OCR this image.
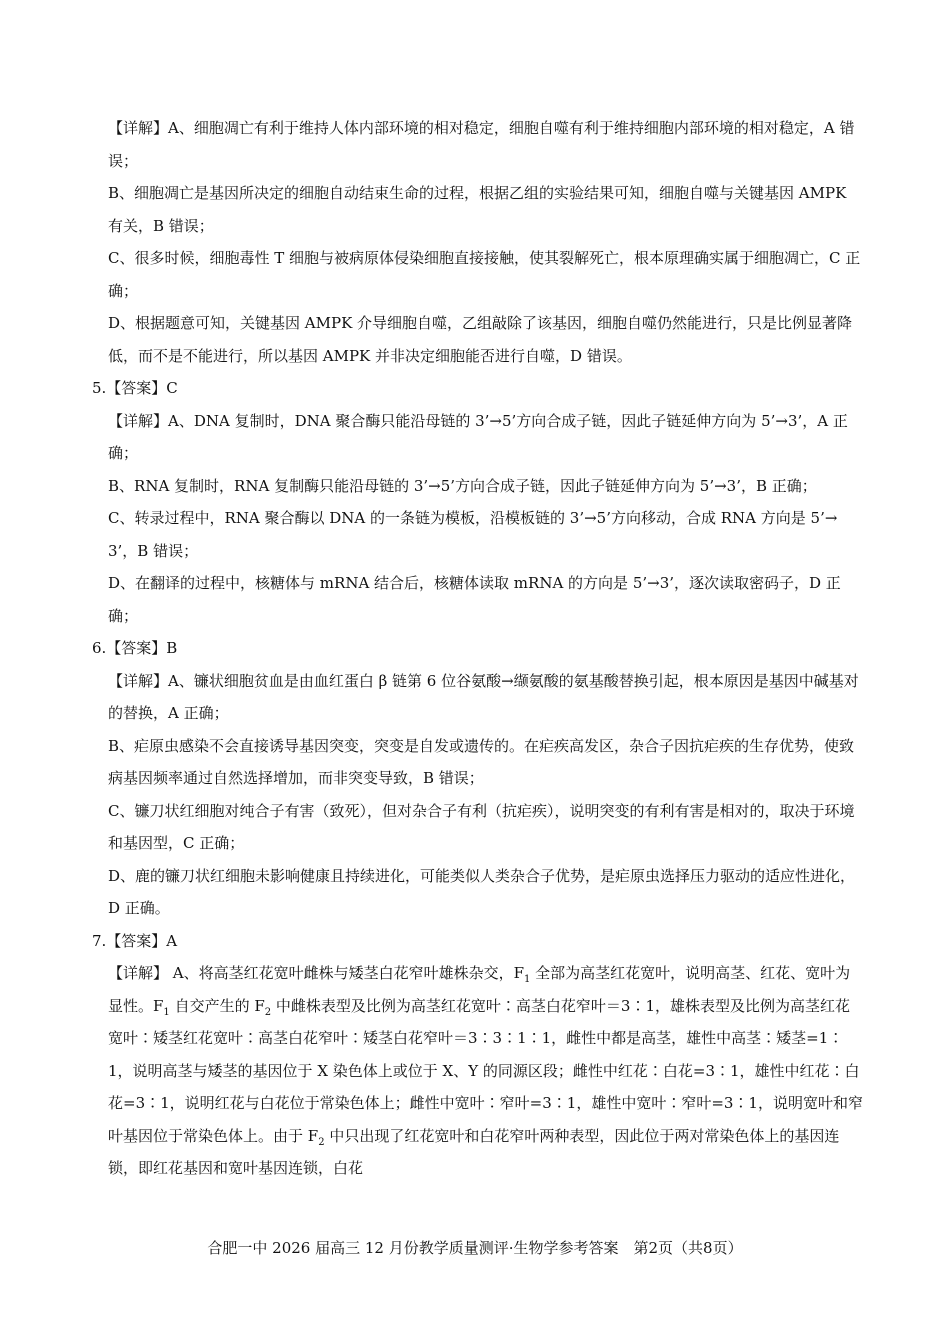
【详解】A、细胞凋亡有利于维持人体内部环境的相对稳定，细胞自噬有利于维持细胞内部环境的相对稳定，A 错误；

B、细胞凋亡是基因所决定的细胞自动结束生命的过程，根据乙组的实验结果可知，细胞自噬与关键基因 AMPK 有关，B 错误；

C、很多时候，细胞毒性 T 细胞与被病原体侵染细胞直接接触，使其裂解死亡，根本原理确实属于细胞凋亡，C 正确；

D、根据题意可知，关键基因 AMPK 介导细胞自噬，乙组敲除了该基因，细胞自噬仍然能进行，只是比例显著降低，而不是不能进行，所以基因 AMPK 并非决定细胞能否进行自噬，D 错误。

5.【答案】C

【详解】A、DNA 复制时，DNA 聚合酶只能沿母链的 3’→5’方向合成子链，因此子链延伸方向为 5’→3’，A 正确；

B、RNA 复制时，RNA 复制酶只能沿母链的 3’→5’方向合成子链，因此子链延伸方向为 5’→3’，B 正确；

C、转录过程中，RNA 聚合酶以 DNA 的一条链为模板，沿模板链的 3’→5’方向移动，合成 RNA 方向是 5’→3’，B 错误；

D、在翻译的过程中，核糖体与 mRNA 结合后，核糖体读取 mRNA 的方向是 5’→3’，逐次读取密码子，D 正确；

6.【答案】B

【详解】A、镰状细胞贫血是由血红蛋白 β 链第 6 位谷氨酸→缬氨酸的氨基酸替换引起，根本原因是基因中碱基对的替换，A 正确；

B、疟原虫感染不会直接诱导基因突变，突变是自发或遗传的。在疟疾高发区，杂合子因抗疟疾的生存优势，使致病基因频率通过自然选择增加，而非突变导致，B 错误；

C、镰刀状红细胞对纯合子有害（致死），但对杂合子有利（抗疟疾），说明突变的有利有害是相对的，取决于环境和基因型，C 正确；

D、鹿的镰刀状红细胞未影响健康且持续进化，可能类似人类杂合子优势，是疟原虫选择压力驱动的适应性进化，D 正确。

7.【答案】A

【详解】 A、将高茎红花宽叶雌株与矮茎白花窄叶雄株杂交，$F_1$ 全部为高茎红花宽叶，说明高茎、红花、宽叶为显性。$F_1$ 自交产生的 $F_2$ 中雌株表型及比例为高茎红花宽叶∶高茎白花窄叶＝3∶1，雄株表型及比例为高茎红花宽叶∶矮茎红花宽叶∶高茎白花窄叶∶矮茎白花窄叶＝3∶3∶1∶1，雌性中都是高茎，雄性中高茎∶矮茎=1∶1，说明高茎与矮茎的基因位于 X 染色体上或位于 X、Y 的同源区段；雌性中红花∶白花=3∶1，雄性中红花∶白花=3∶1，说明红花与白花位于常染色体上；雌性中宽叶∶窄叶=3∶1，雄性中宽叶∶窄叶=3∶1，说明宽叶和窄叶基因位于常染色体上。由于 $F_2$ 中只出现了红花宽叶和白花窄叶两种表型，因此位于两对常染色体上的基因连锁，即红花基因和宽叶基因连锁，白花

合肥一中 2026 届高三 12 月份教学质量测评·生物学参考答案　第2页（共8页）
